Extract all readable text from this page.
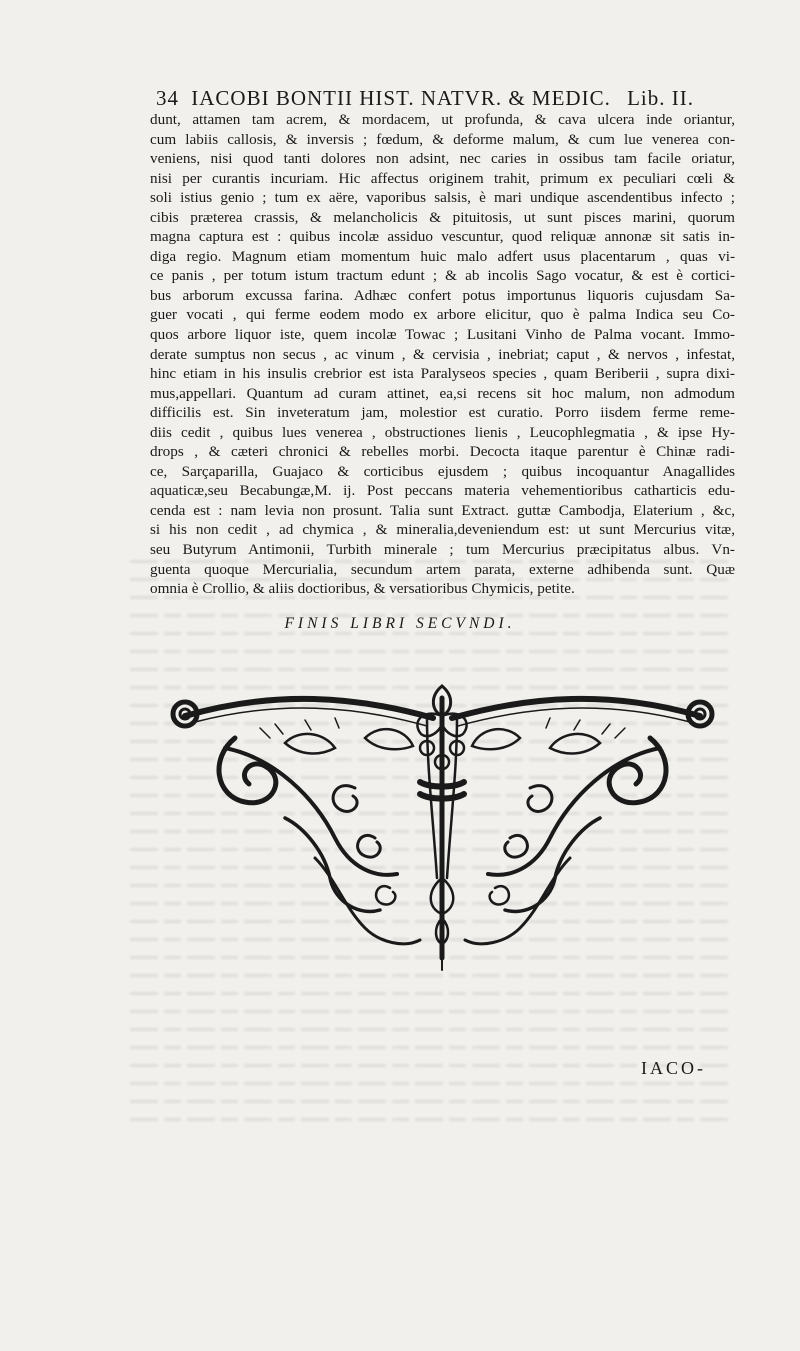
34 IACOBI BONTII HIST. NATVR. & MEDIC. Lib. II.
dunt, attamen tam acrem, & mordacem, ut profunda, & cava ulcera inde oriantur,
cum labiis callosis, & inversis ; fœdum, & deforme malum, & cum lue venerea con-
veniens, nisi quod tanti dolores non adsint, nec caries in ossibus tam facile oriatur,
nisi per curantis incuriam. Hic affectus originem trahit, primum ex peculiari cœli &
soli istius genio ; tum ex aëre, vaporibus salsis, è mari undique ascendentibus infecto ;
cibis præterea crassis, & melancholicis & pituitosis, ut sunt pisces marini, quorum
magna captura est : quibus incolæ assiduo vescuntur, quod reliquæ annonæ sit satis in-
diga regio. Magnum etiam momentum huic malo adfert usus placentarum , quas vi-
ce panis , per totum istum tractum edunt ; & ab incolis Sago vocatur, & est è cortici-
bus arborum excussa farina. Adhæc confert potus importunus liquoris cujusdam Sa-
guer vocati , qui ferme eodem modo ex arbore elicitur, quo è palma Indica seu Co-
quos arbore liquor iste, quem incolæ Towac ; Lusitani Vinho de Palma vocant. Immo-
derate sumptus non secus , ac vinum , & cervisia , inebriat; caput , & nervos , infestat,
hinc etiam in his insulis crebrior est ista Paralyseos species , quam Beriberii , supra dixi-
mus,appellari. Quantum ad curam attinet, ea,si recens sit hoc malum, non admodum
difficilis est. Sin inveteratum jam, molestior est curatio. Porro iisdem ferme reme-
diis cedit , quibus lues venerea , obstructiones lienis , Leucophlegmatia , & ipse Hy-
drops , & cæteri chronici & rebelles morbi. Decocta itaque parentur è Chinæ radi-
ce, Sarçaparilla, Guajaco & corticibus ejusdem ; quibus incoquantur Anagallides
aquaticæ,seu Becabungæ,M. ij. Post peccans materia vehementioribus catharticis edu-
cenda est : nam levia non prosunt. Talia sunt Extract. guttæ Cambodja, Elaterium , &c,
si his non cedit , ad chymica , & mineralia,deveniendum est: ut sunt Mercurius vitæ,
seu Butyrum Antimonii, Turbith minerale ; tum Mercurius præcipitatus albus. Vn-
guenta quoque Mercurialia, secundum artem parata, externe adhibenda sunt. Quæ
omnia è Crollio, & aliis doctioribus, & versatioribus Chymicis, petite.
FINIS LIBRI SECVNDI.
IACO-
